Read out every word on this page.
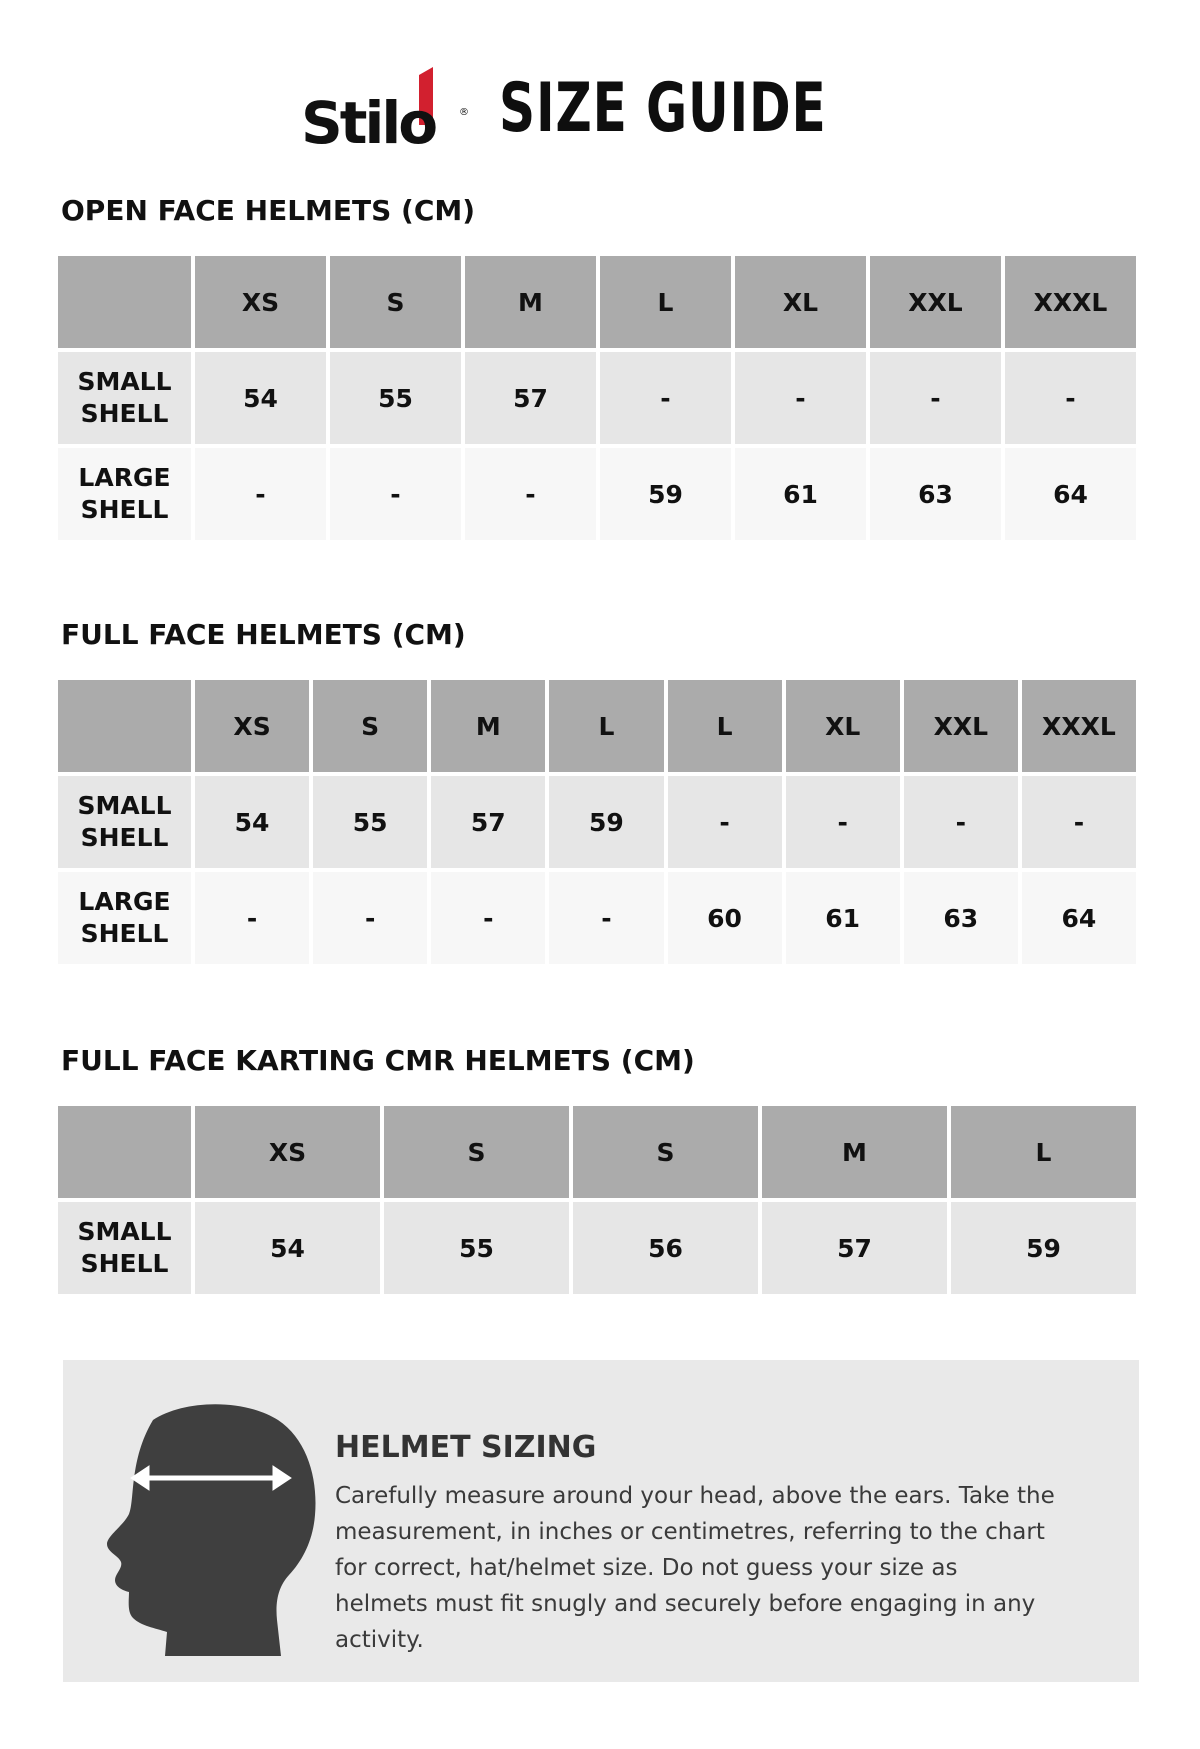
Stilo ® SIZE GUIDE
OPEN FACE HELMETS (CM)
	XS	S	M	L	XL	XXL	XXXL
SMALL
SHELL	54	55	57	-	-	-	-
LARGE
SHELL	-	-	-	59	61	63	64
FULL FACE HELMETS (CM)
	XS	S	M	L	L	XL	XXL	XXXL
SMALL
SHELL	54	55	57	59	-	-	-	-
LARGE
SHELL	-	-	-	-	60	61	63	64
FULL FACE KARTING CMR HELMETS (CM)
	XS	S	S	M	L
SMALL
SHELL	54	55	56	57	59
HELMET SIZING
Carefully measure around your head, above the ears. Take the measurement, in inches or centimetres, referring to the chart for correct, hat/helmet size. Do not guess your size as helmets must fit snugly and securely before engaging in any activity.
